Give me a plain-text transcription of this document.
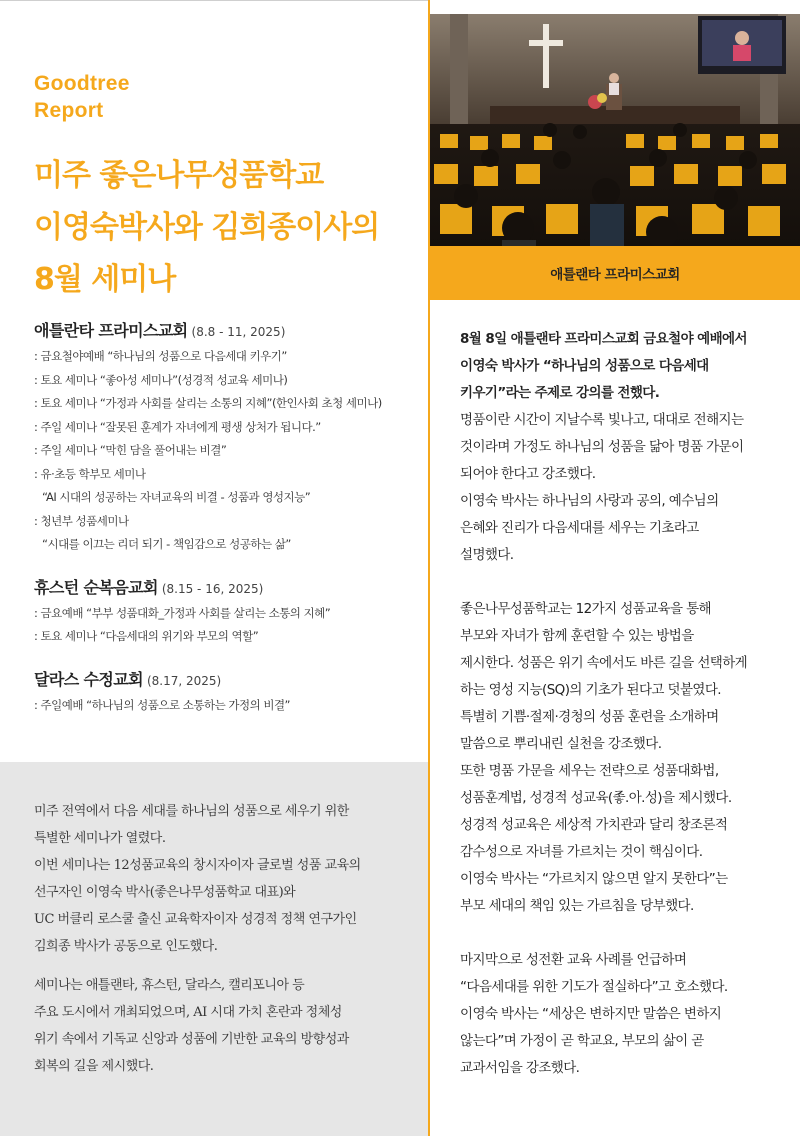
Goodtree
Report
미주 좋은나무성품학교
이영숙박사와 김희종이사의
8월 세미나
애틀란타 프라미스교회 (8.8 - 11, 2025)
: 금요철야예배 “하나님의 성품으로 다음세대 키우기”
: 토요 세미나 “좋아성 세미나”(성경적 성교육 세미나)
: 토요 세미나 “가정과 사회를 살리는 소통의 지혜”(한인사회 초청 세미나)
: 주일 세미나 “잘못된 훈계가 자녀에게 평생 상처가 됩니다.”
: 주일 세미나 “막힌 담을 풀어내는 비결”
: 유·초등 학부모 세미나
“AI 시대의 성공하는 자녀교육의 비결 - 성품과 영성지능”
: 청년부 성품세미나
“시대를 이끄는 리더 되기 - 책임감으로 성공하는 삶”
휴스턴 순복음교회 (8.15 - 16, 2025)
: 금요예배 “부부 성품대화_가정과 사회를 살리는 소통의 지혜”
: 토요 세미나 “다음세대의 위기와 부모의 역할”
달라스 수정교회 (8.17, 2025)
: 주일예배 “하나님의 성품으로 소통하는 가정의 비결”

미주 전역에서 다음 세대를 하나님의 성품으로 세우기 위한
특별한 세미나가 열렸다.
이번 세미나는 12성품교육의 창시자이자 글로벌 성품 교육의
선구자인 이영숙 박사(좋은나무성품학교 대표)와
UC 버클리 로스쿨 출신 교육학자이자 성경적 정책 연구가인
김희종 박사가 공동으로 인도했다.

세미나는 애틀랜타, 휴스턴, 달라스, 캘리포니아 등
주요 도시에서 개최되었으며, AI 시대 가치 혼란과 정체성
위기 속에서 기독교 신앙과 성품에 기반한 교육의 방향성과
회복의 길을 제시했다.

애틀랜타 프라미스교회
8월 8일 애틀랜타 프라미스교회 금요철야 예배에서
이영숙 박사가 “하나님의 성품으로 다음세대
키우기”라는 주제로 강의를 전했다.

명품이란 시간이 지날수록 빛나고, 대대로 전해지는
것이라며 가정도 하나님의 성품을 닮아 명품 가문이
되어야 한다고 강조했다.
이영숙 박사는 하나님의 사랑과 공의, 예수님의
은혜와 진리가 다음세대를 세우는 기초라고
설명했다.

좋은나무성품학교는 12가지 성품교육을 통해
부모와 자녀가 함께 훈련할 수 있는 방법을
제시한다. 성품은 위기 속에서도 바른 길을 선택하게
하는 영성 지능(SQ)의 기초가 된다고 덧붙였다.
특별히 기쁨·절제·경청의 성품 훈련을 소개하며
말씀으로 뿌리내린 실천을 강조했다.
또한 명품 가문을 세우는 전략으로 성품대화법,
성품훈계법, 성경적 성교육(좋.아.성)을 제시했다.
성경적 성교육은 세상적 가치관과 달리 창조론적
감수성으로 자녀를 가르치는 것이 핵심이다.
이영숙 박사는 “가르치지 않으면 알지 못한다”는
부모 세대의 책임 있는 가르침을 당부했다.

마지막으로 성전환 교육 사례를 언급하며
“다음세대를 위한 기도가 절실하다”고 호소했다.
이영숙 박사는 “세상은 변하지만 말씀은 변하지
않는다”며 가정이 곧 학교요, 부모의 삶이 곧
교과서임을 강조했다.
